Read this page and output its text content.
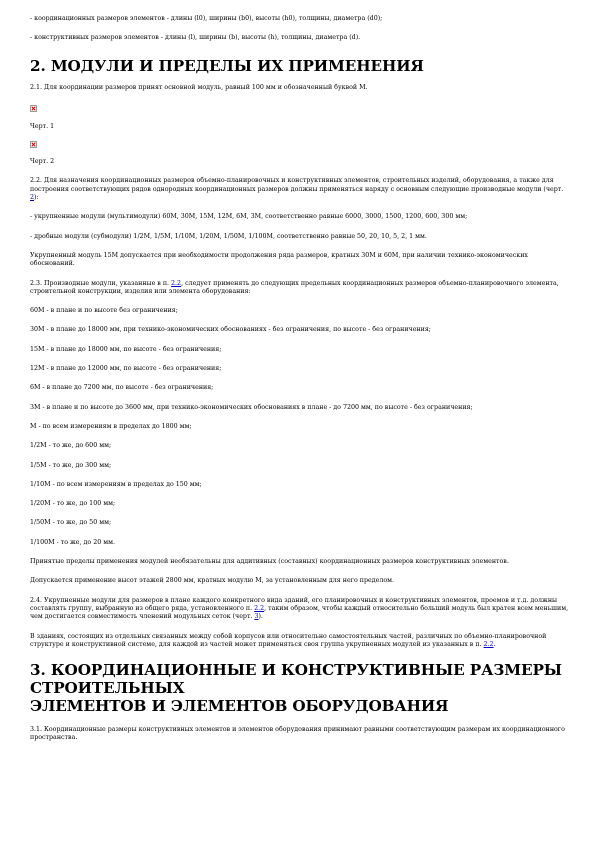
- координационных размеров элементов - длины (l0), ширины (b0), высоты (h0), толщины, диаметра (d0);

- конструктивных размеров элементов - длины (l), ширины (b), высоты (h), толщины, диаметра (d).

2. МОДУЛИ И ПРЕДЕЛЫ ИХ ПРИМЕНЕНИЯ

2.1. Для координации размеров принят основной модуль, равный 100 мм и обозначенный буквой М.

Черт. 1

Черт. 2

2.2. Для назначения координационных размеров объемно-планировочных и конструктивных элементов, строительных изделий, оборудования, а также для построения соответствующих рядов однородных координационных размеров должны применяться наряду с основным следующие производные модули (черт. 2):

- укрупненные модули (мультимодули) 60М, 30М, 15М, 12М, 6М, 3М, соответственно равные 6000, 3000, 1500, 1200, 600, 300 мм;

- дробные модули (субмодули) 1/2М, 1/5М, 1/10М, 1/20М, 1/50М, 1/100М, соответственно равные 50, 20, 10, 5, 2, 1 мм.

Укрупненный модуль 15М допускается при необходимости продолжения ряда размеров, кратных 30М и 60М, при наличии технико-экономических обоснований.

2.3. Производные модули, указанные в п. 2.2, следует применять до следующих предельных координационных размеров объемно-планировочного элемента, строительной конструкции, изделия или элемента оборудования:

60М - в плане и по высоте без ограничения;

30М - в плане до 18000 мм, при технико-экономических обоснованиях - без ограничения, по высоте - без ограничения;

15М - в плане до 18000 мм, по высоте - без ограничения;

12М - в плане до 12000 мм, по высоте - без ограничения;

6М - в плане до 7200 мм, по высоте - без ограничения;

3М - в плане и по высоте до 3600 мм, при технико-экономических обоснованиях в плане - до 7200 мм, по высоте - без ограничения;

М - по всем измерениям в пределах до 1800 мм;

1/2М - то же, до 600 мм;

1/5М - то же, до 300 мм;

1/10М - по всем измерениям в пределах до 150 мм;

1/20М - то же, до 100 мм;

1/50М - то же, до 50 мм;

1/100М - то же, до 20 мм.

Принятые пределы применения модулей необязательны для аддитивных (составных) координационных размеров конструктивных элементов.

Допускается применение высот этажей 2800 мм, кратных модулю М, за установленным для него пределом.

2.4. Укрупненные модули для размеров в плане каждого конкретного вида зданий, его планировочных и конструктивных элементов, проемов и т.д. должны составлять группу, выбранную из общего ряда, установленного п. 2.2, таким образом, чтобы каждый относительно больший модуль был кратен всем меньшим, чем достигается совместимость членений модульных сеток (черт. 3).

В зданиях, состоящих из отдельных связанных между собой корпусов или относительно самостоятельных частей, различных по объемно-планировочной структуре и конструктивной системе, для каждой из частей может применяться своя группа укрупненных модулей из указанных в п. 2.2.

3. КООРДИНАЦИОННЫЕ И КОНСТРУКТИВНЫЕ РАЗМЕРЫ
СТРОИТЕЛЬНЫХ
ЭЛЕМЕНТОВ И ЭЛЕМЕНТОВ ОБОРУДОВАНИЯ

3.1. Координационные размеры конструктивных элементов и элементов оборудования принимают равными соответствующим размерам их координационного пространства.
